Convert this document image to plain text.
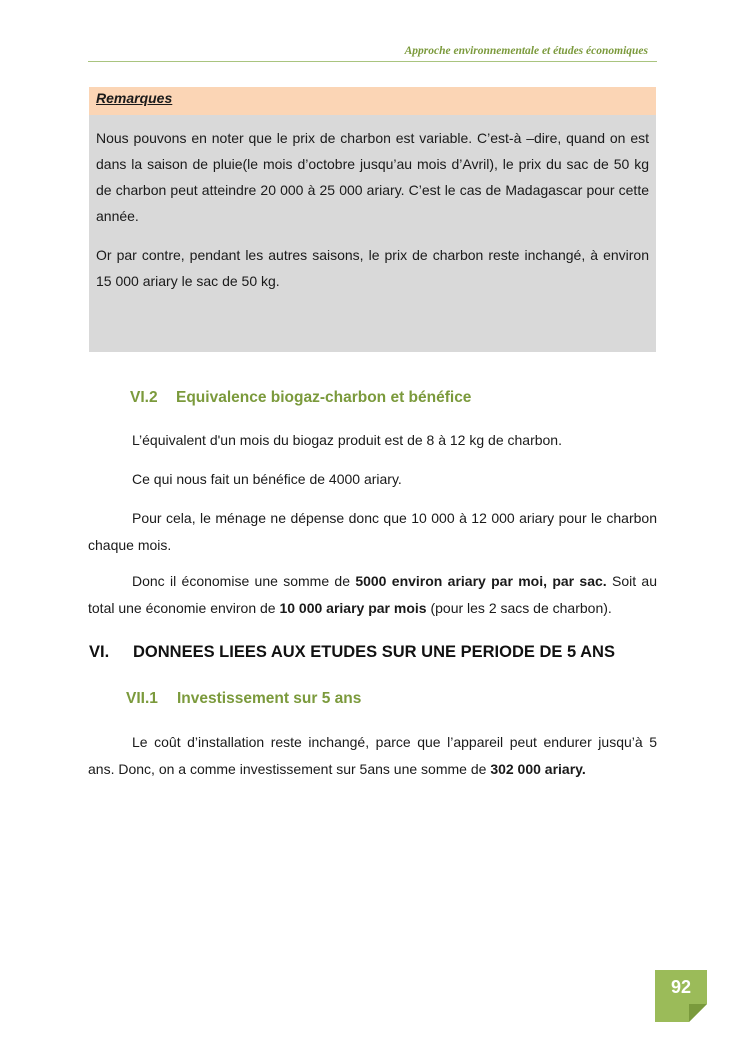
Approche environnementale et études économiques
Remarques

Nous pouvons en noter que le prix de charbon est variable. C’est-à –dire, quand on est dans la saison de pluie(le mois d’octobre jusqu’au mois d’Avril), le prix du sac de 50 kg de charbon peut atteindre 20 000 à 25 000 ariary. C’est le cas de Madagascar pour cette année.

Or par contre, pendant les autres saisons, le prix de charbon reste inchangé, à environ 15 000 ariary le sac de 50 kg.

VI.2 Equivalence biogaz-charbon et bénéfice

L’équivalent d'un mois du biogaz produit est de 8 à 12 kg de charbon.

Ce qui nous fait un bénéfice de 4000 ariary.

Pour cela, le ménage ne dépense donc que 10 000 à 12 000 ariary pour le charbon chaque mois.

Donc il économise une somme de 5000 environ ariary par moi, par sac. Soit au total une économie environ de 10 000 ariary par mois (pour les 2 sacs de charbon).

VI. DONNEES LIEES AUX ETUDES SUR UNE PERIODE DE 5 ANS
VII.1 Investissement sur 5 ans

Le coût d’installation reste inchangé, parce que l’appareil peut endurer jusqu’à 5 ans. Donc, on a comme investissement sur 5ans une somme de 302 000 ariary.

92
